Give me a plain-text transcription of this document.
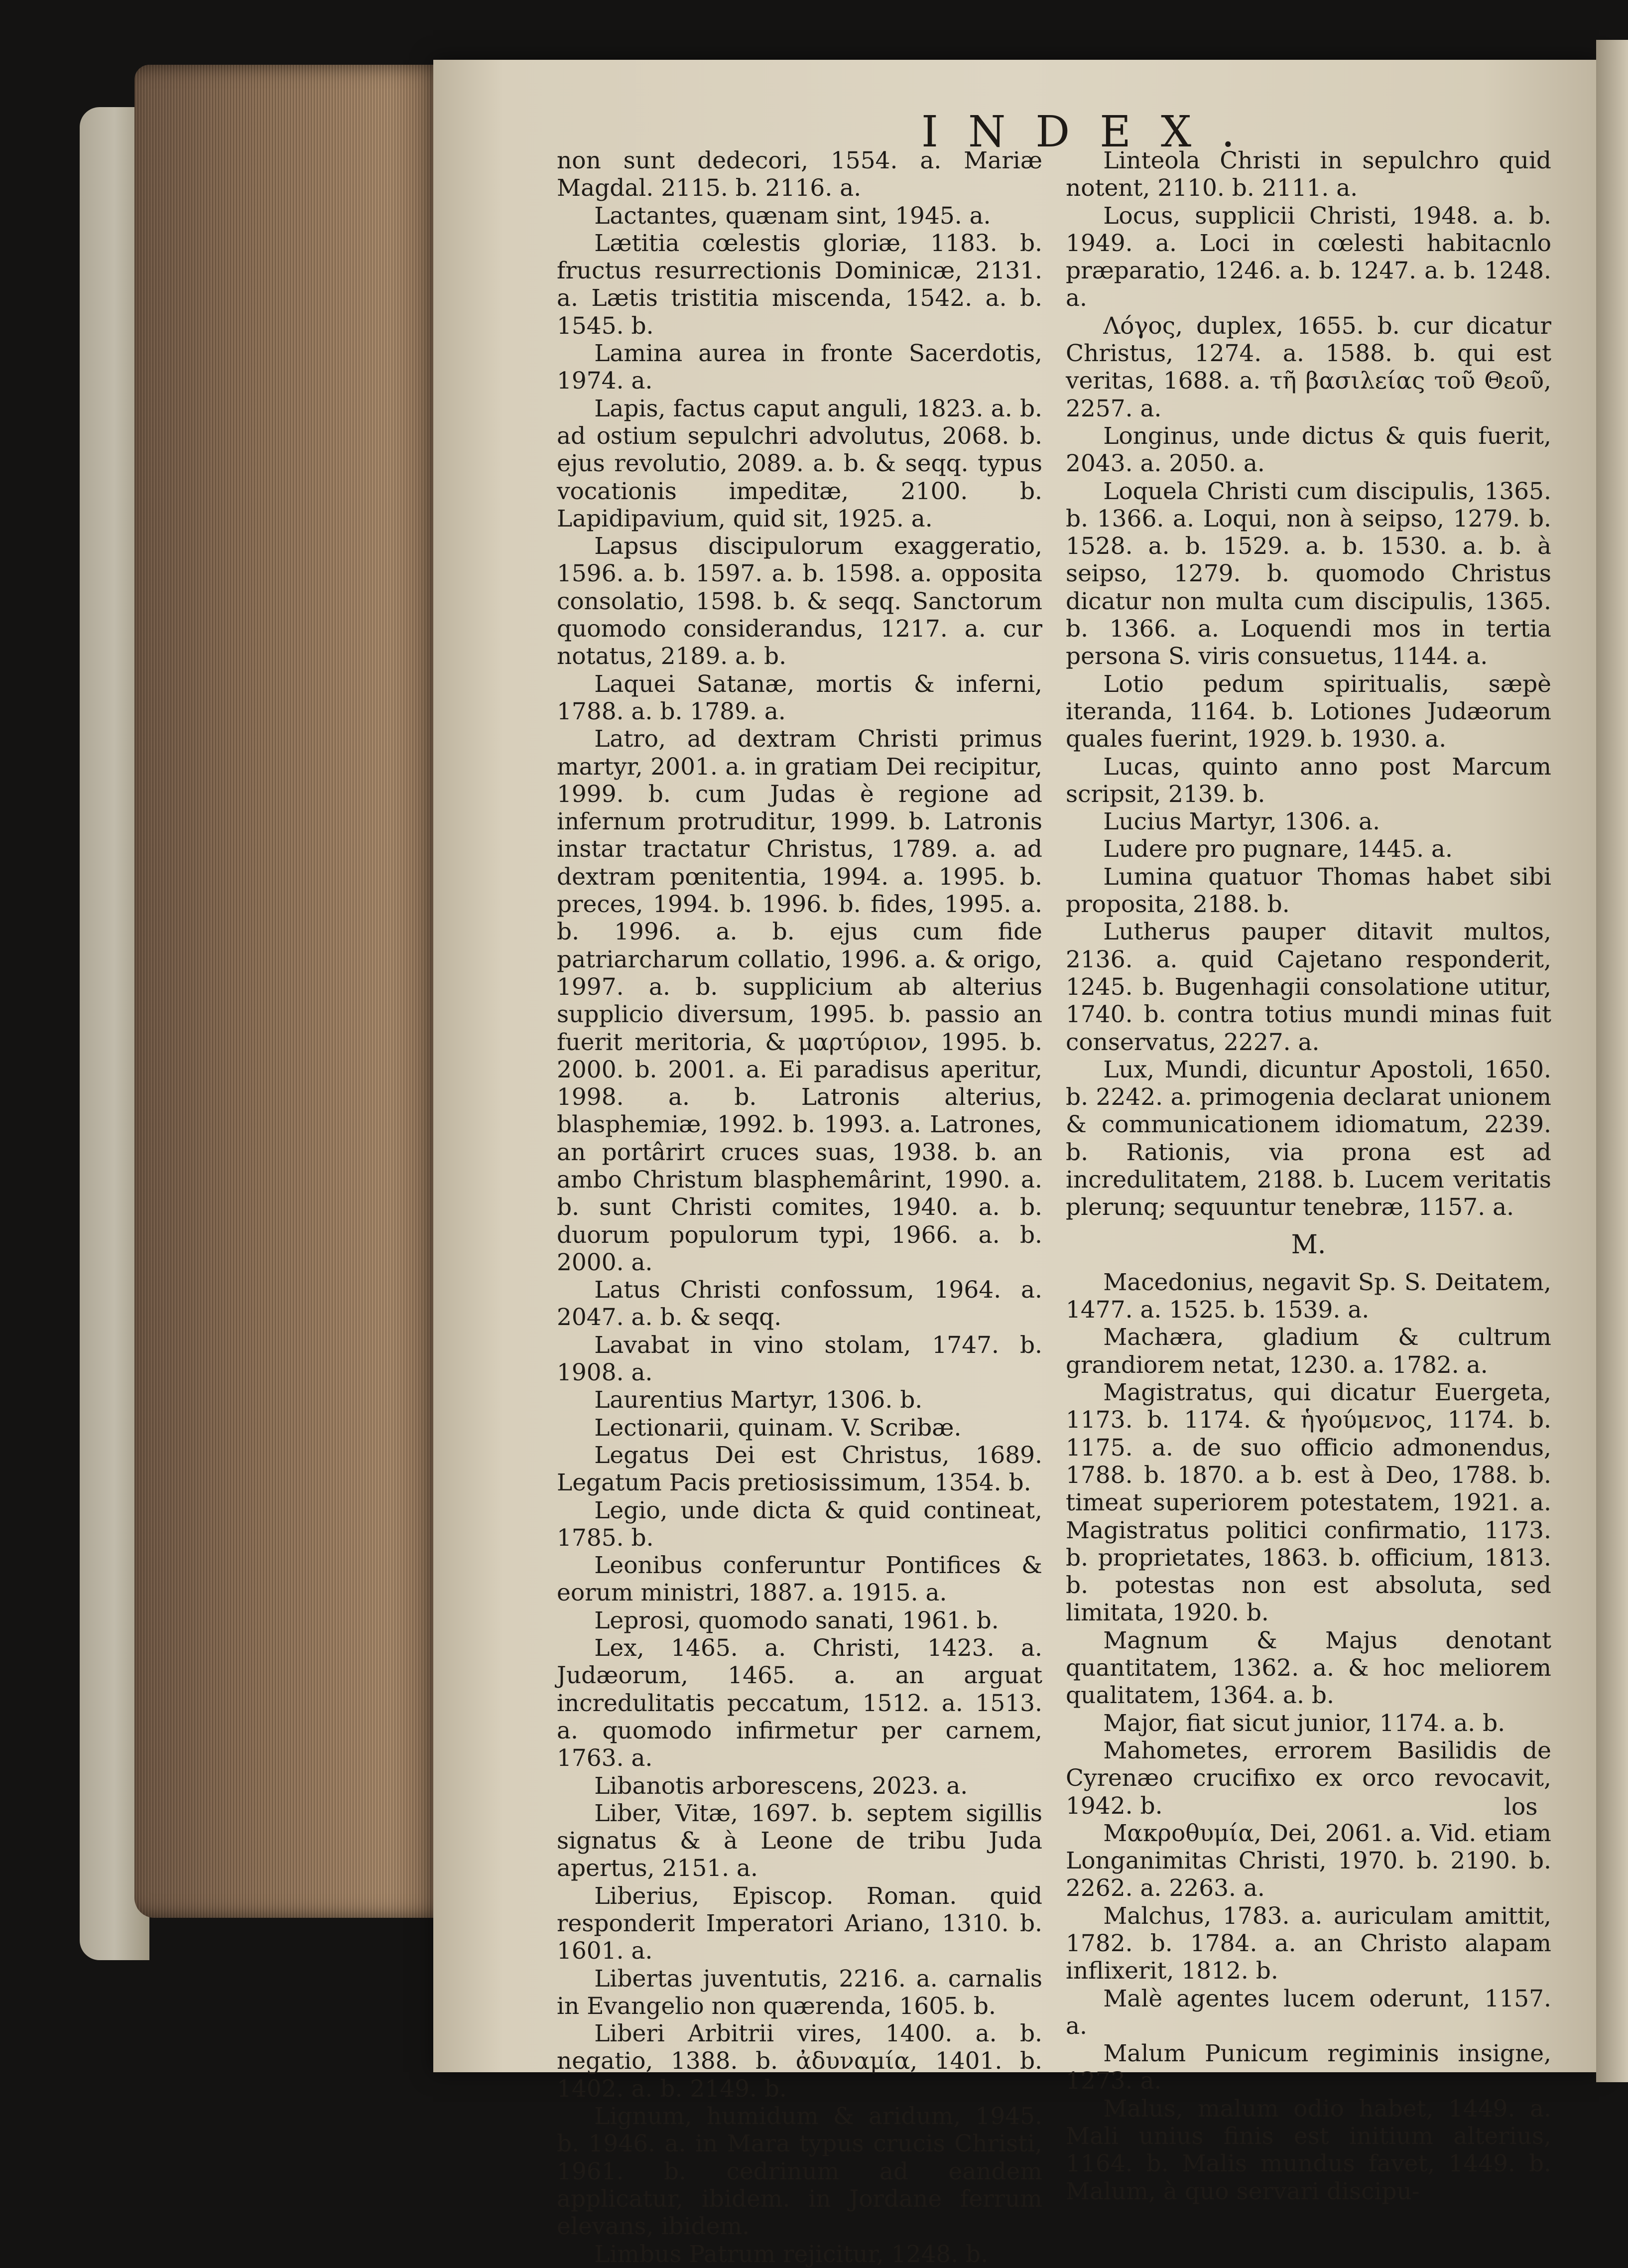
INDEX.
non sunt dedecori, 1554. a. Mariæ Magdal. 2115. b. 2116. a.
Lactantes, quænam sint, 1945. a.
Lætitia cœlestis gloriæ, 1183. b. fructus resurrectionis Dominicæ, 2131. a. Lætis tristitia miscenda, 1542. a. b. 1545. b.
Lamina aurea in fronte Sacerdotis, 1974. a.
Lapis, factus caput anguli, 1823. a. b. ad ostium sepulchri advolutus, 2068. b. ejus revolutio, 2089. a. b. & seqq. typus vocationis impeditæ, 2100. b. Lapidipavium, quid sit, 1925. a.
Lapsus discipulorum exaggeratio, 1596. a. b. 1597. a. b. 1598. a. opposita consolatio, 1598. b. & seqq. Sanctorum quomodo considerandus, 1217. a. cur notatus, 2189. a. b.
Laquei Satanæ, mortis & inferni, 1788. a. b. 1789. a.
Latro, ad dextram Christi primus martyr, 2001. a. in gratiam Dei recipitur, 1999. b. cum Judas è regione ad infernum protruditur, 1999. b. Latronis instar tractatur Christus, 1789. a. ad dextram pœnitentia, 1994. a. 1995. b. preces, 1994. b. 1996. b. fides, 1995. a. b. 1996. a. b. ejus cum fide patriarcharum collatio, 1996. a. & origo, 1997. a. b. supplicium ab alterius supplicio diversum, 1995. b. passio an fuerit meritoria, & μαρτύριον, 1995. b. 2000. b. 2001. a. Ei paradisus aperitur, 1998. a. b. Latronis alterius, blasphemiæ, 1992. b. 1993. a. Latrones, an portârirt cruces suas, 1938. b. an ambo Christum blasphemârint, 1990. a. b. sunt Christi comites, 1940. a. b. duorum populorum typi, 1966. a. b. 2000. a.
Latus Christi confossum, 1964. a. 2047. a. b. & seqq.
Lavabat in vino stolam, 1747. b. 1908. a.
Laurentius Martyr, 1306. b.
Lectionarii, quinam. V. Scribæ.
Legatus Dei est Christus, 1689. Legatum Pacis pretiosissimum, 1354. b.
Legio, unde dicta & quid contineat, 1785. b.
Leonibus conferuntur Pontifices & eorum ministri, 1887. a. 1915. a.
Leprosi, quomodo sanati, 1961. b.
Lex, 1465. a. Christi, 1423. a. Judæorum, 1465. a. an arguat incredulitatis peccatum, 1512. a. 1513. a. quomodo infirmetur per carnem, 1763. a.
Libanotis arborescens, 2023. a.
Liber, Vitæ, 1697. b. septem sigillis signatus & à Leone de tribu Juda apertus, 2151. a.
Liberius, Episcop. Roman. quid responderit Imperatori Ariano, 1310. b. 1601. a.
Libertas juventutis, 2216. a. carnalis in Evangelio non quærenda, 1605. b.
Liberi Arbitrii vires, 1400. a. b. negatio, 1388. b. ἀδυναμία, 1401. b. 1402. a. b. 2149. b.
Lignum, humidum & aridum, 1945. b. 1946. a. in Mara typus crucis Christi, 1961. b. cedrinum ad eandem applicatur, ibidem. in Jordane ferrum elevans, ibidem.
Limbus Patrum rejicitur, 1248. b.
Linteola Christi in sepulchro quid notent, 2110. b. 2111. a.
Locus, supplicii Christi, 1948. a. b. 1949. a. Loci in cœlesti habitacnlo præparatio, 1246. a. b. 1247. a. b. 1248. a.
Λόγος, duplex, 1655. b. cur dicatur Christus, 1274. a. 1588. b. qui est veritas, 1688. a. τῆ βασιλείας τοῦ Θεοῦ, 2257. a.
Longinus, unde dictus & quis fuerit, 2043. a. 2050. a.
Loquela Christi cum discipulis, 1365. b. 1366. a. Loqui, non à seipso, 1279. b. 1528. a. b. 1529. a. b. 1530. a. b. à seipso, 1279. b. quomodo Christus dicatur non multa cum discipulis, 1365. b. 1366. a. Loquendi mos in tertia persona S. viris consuetus, 1144. a.
Lotio pedum spiritualis, sæpè iteranda, 1164. b. Lotiones Judæorum quales fuerint, 1929. b. 1930. a.
Lucas, quinto anno post Marcum scripsit, 2139. b.
Lucius Martyr, 1306. a.
Ludere pro pugnare, 1445. a.
Lumina quatuor Thomas habet sibi proposita, 2188. b.
Lutherus pauper ditavit multos, 2136. a. quid Cajetano responderit, 1245. b. Bugenhagii consolatione utitur, 1740. b. contra totius mundi minas fuit conservatus, 2227. a.
Lux, Mundi, dicuntur Apostoli, 1650. b. 2242. a. primogenia declarat unionem & communicationem idiomatum, 2239. b. Rationis, via prona est ad incredulitatem, 2188. b. Lucem veritatis plerunq; sequuntur tenebræ, 1157. a.
M.
Macedonius, negavit Sp. S. Deitatem, 1477. a. 1525. b. 1539. a.
Machæra, gladium & cultrum grandiorem netat, 1230. a. 1782. a.
Magistratus, qui dicatur Euergeta, 1173. b. 1174. & ἡγούμενος, 1174. b. 1175. a. de suo officio admonendus, 1788. b. 1870. a b. est à Deo, 1788. b. timeat superiorem potestatem, 1921. a. Magistratus politici confirmatio, 1173. b. proprietates, 1863. b. officium, 1813. b. potestas non est absoluta, sed limitata, 1920. b.
Magnum & Majus denotant quantitatem, 1362. a. & hoc meliorem qualitatem, 1364. a. b.
Major, fiat sicut junior, 1174. a. b.
Mahometes, errorem Basilidis de Cyrenæo crucifixo ex orco revocavit, 1942. b.
Μακροθυμία, Dei, 2061. a. Vid. etiam Longanimitas Christi, 1970. b. 2190. b. 2262. a. 2263. a.
Malchus, 1783. a. auriculam amittit, 1782. b. 1784. a. an Christo alapam inflixerit, 1812. b.
Malè agentes lucem oderunt, 1157. a.
Malum Punicum regiminis insigne, 1273. a.
Malus, malum odio habet, 1449. a. Mali unius finis est initium alterius, 1164. b. Malis mundus favet, 1449. b. Malum, à quo servari discipu-
los
